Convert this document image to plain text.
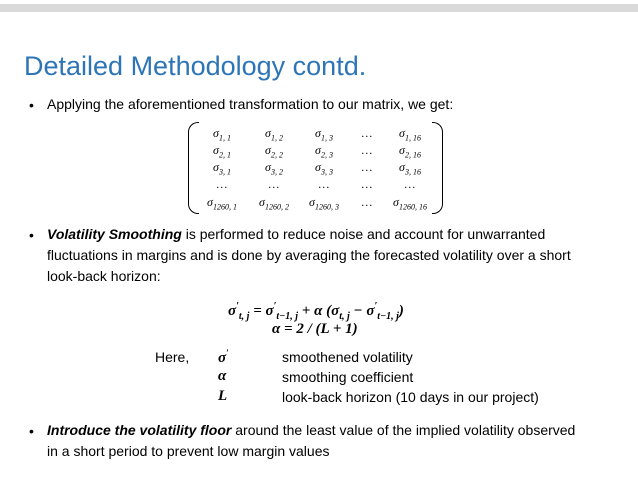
Detailed Methodology contd.
• Applying the aforementioned transformation to our matrix, we get:
$\sigma_{1, 1}$	$\sigma_{1, 2}$	$\sigma_{1, 3}$ … $\sigma_{1, 16}$
$\sigma_{2, 1}$	$\sigma_{2, 2}$	$\sigma_{2, 3}$ … $\sigma_{2, 16}$
$\sigma_{3, 1}$	$\sigma_{3, 2}$	$\sigma_{3, 3}$ … $\sigma_{3, 16}$
…	…	…	…	…
$\sigma_{1260, 1}$ $\sigma_{1260, 2}$ $\sigma_{1260, 3}$ … $\sigma_{1260, 16}$
• Volatility Smoothing is performed to reduce noise and account for unwarranted
fluctuations in margins and is done by averaging the forecasted volatility over a short
look-back horizon:
$\sigma'_{t, j} = \sigma'_{t-1, j} + \alpha$ $(\sigma_{t, j} - \sigma'_{t-1, j})$
α = 2 / (L + 1)
Here, σ′	smoothened volatility
α	smoothing coefficient
L	look-back horizon (10 days in our project)
• Introduce the volatility floor around the least value of the implied volatility observed
in a short period to prevent low margin values
